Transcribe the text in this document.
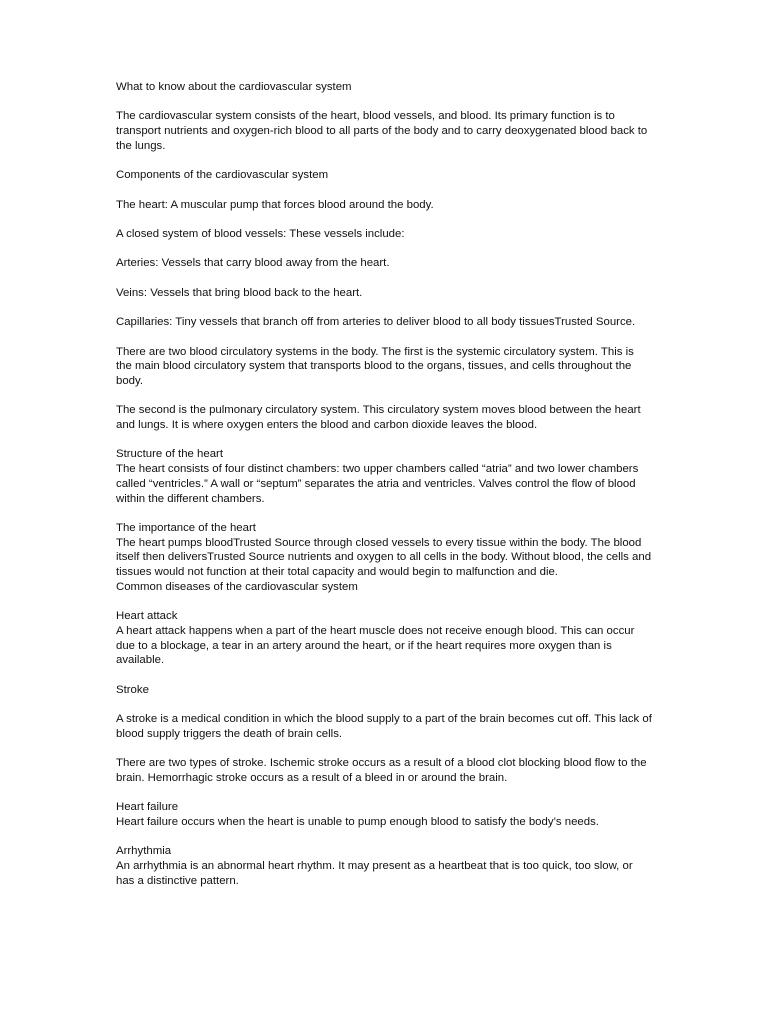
What to know about the cardiovascular system

The cardiovascular system consists of the heart, blood vessels, and blood. Its primary function is to transport nutrients and oxygen-rich blood to all parts of the body and to carry deoxygenated blood back to the lungs.

Components of the cardiovascular system

The heart: A muscular pump that forces blood around the body.

A closed system of blood vessels: These vessels include:

Arteries: Vessels that carry blood away from the heart.

Veins: Vessels that bring blood back to the heart.

Capillaries: Tiny vessels that branch off from arteries to deliver blood to all body tissuesTrusted Source.

There are two blood circulatory systems in the body. The first is the systemic circulatory system. This is the main blood circulatory system that transports blood to the organs, tissues, and cells throughout the body.

The second is the pulmonary circulatory system. This circulatory system moves blood between the heart and lungs. It is where oxygen enters the blood and carbon dioxide leaves the blood.

Structure of the heart

The heart consists of four distinct chambers: two upper chambers called “atria” and two lower chambers called “ventricles.” A wall or “septum” separates the atria and ventricles. Valves control the flow of blood within the different chambers.

The importance of the heart

The heart pumps bloodTrusted Source through closed vessels to every tissue within the body. The blood itself then deliversTrusted Source nutrients and oxygen to all cells in the body. Without blood, the cells and tissues would not function at their total capacity and would begin to malfunction and die.

Common diseases of the cardiovascular system

Heart attack

A heart attack happens when a part of the heart muscle does not receive enough blood. This can occur due to a blockage, a tear in an artery around the heart, or if the heart requires more oxygen than is available.

Stroke

A stroke is a medical condition in which the blood supply to a part of the brain becomes cut off. This lack of blood supply triggers the death of brain cells.

There are two types of stroke. Ischemic stroke occurs as a result of a blood clot blocking blood flow to the brain. Hemorrhagic stroke occurs as a result of a bleed in or around the brain.

Heart failure

Heart failure occurs when the heart is unable to pump enough blood to satisfy the body’s needs.

Arrhythmia

An arrhythmia is an abnormal heart rhythm. It may present as a heartbeat that is too quick, too slow, or has a distinctive pattern.
